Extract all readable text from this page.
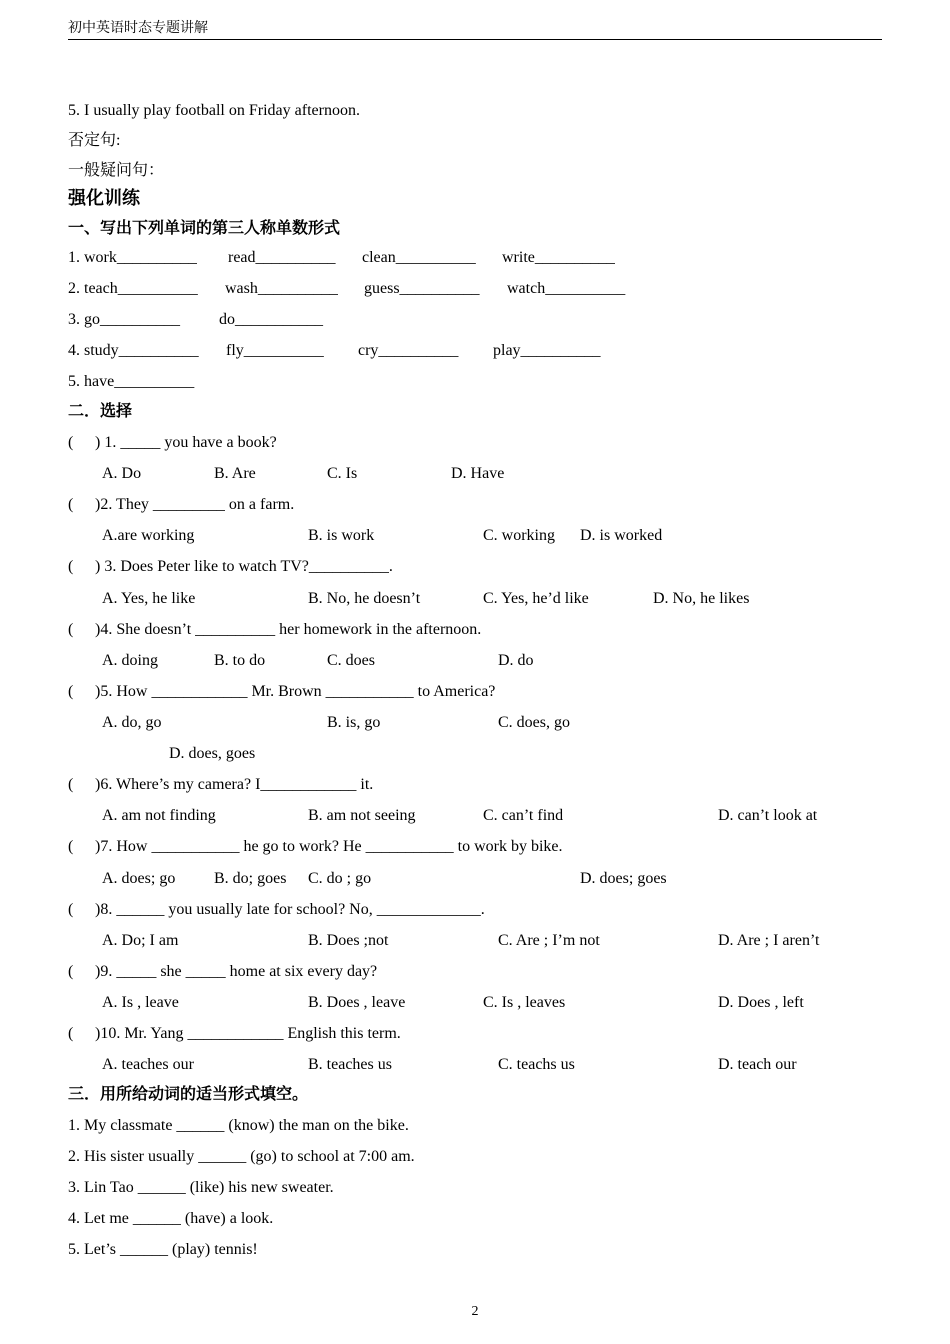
初中英语时态专题讲解
5. I usually play football on Friday afternoon.
否定句:
一般疑问句：
强化训练
一、写出下列单词的第三人称单数形式
1. work__________ read__________ clean__________ write__________
2. teach__________ wash__________ guess__________ watch__________
3. go__________ do___________
4. study__________ fly__________ cry__________ play__________
5. have__________
二．选择
( ) 1. _____ you have a book?
A. Do	B. Are	C. Is	D. Have
( )2. They _________ on a farm.
A.are working	B. is work	C. working D. is worked
( ) 3. Does Peter like to watch TV?__________.
A. Yes, he like	B. No, he doesn’t	C. Yes, he’d like	D. No, he likes
( )4. She doesn’t __________ her homework in the afternoon.
A. doing	B. to do	C. does	D. do
( )5. How ____________ Mr. Brown ___________ to America?
A. do, go	B. is, go	C. does, go
D. does, goes
( )6. Where’s my camera? I____________ it.
A. am not finding	B. am not seeing	C. can’t find	D. can’t look at
( )7. How ___________ he go to work? He ___________ to work by bike.
A. does; go B. do; goes C. do ; go	D. does; goes
( )8. ______ you usually late for school? No, _____________.
A. Do; I am	B. Does ;not	C. Are ; I’m not	D. Are ; I aren’t
( )9. _____ she _____ home at six every day?
A. Is , leave	B. Does , leave	C. Is , leaves	D. Does , left
( )10. Mr. Yang ____________ English this term.
A. teaches our	B. teaches us	C. teachs us	D. teach our
三．用所给动词的适当形式填空。
1. My classmate ______ (know) the man on the bike.
2. His sister usually ______ (go) to school at 7:00 am.
3. Lin Tao ______ (like) his new sweater.
4. Let me ______ (have) a look.
5. Let’s ______ (play) tennis!
2
